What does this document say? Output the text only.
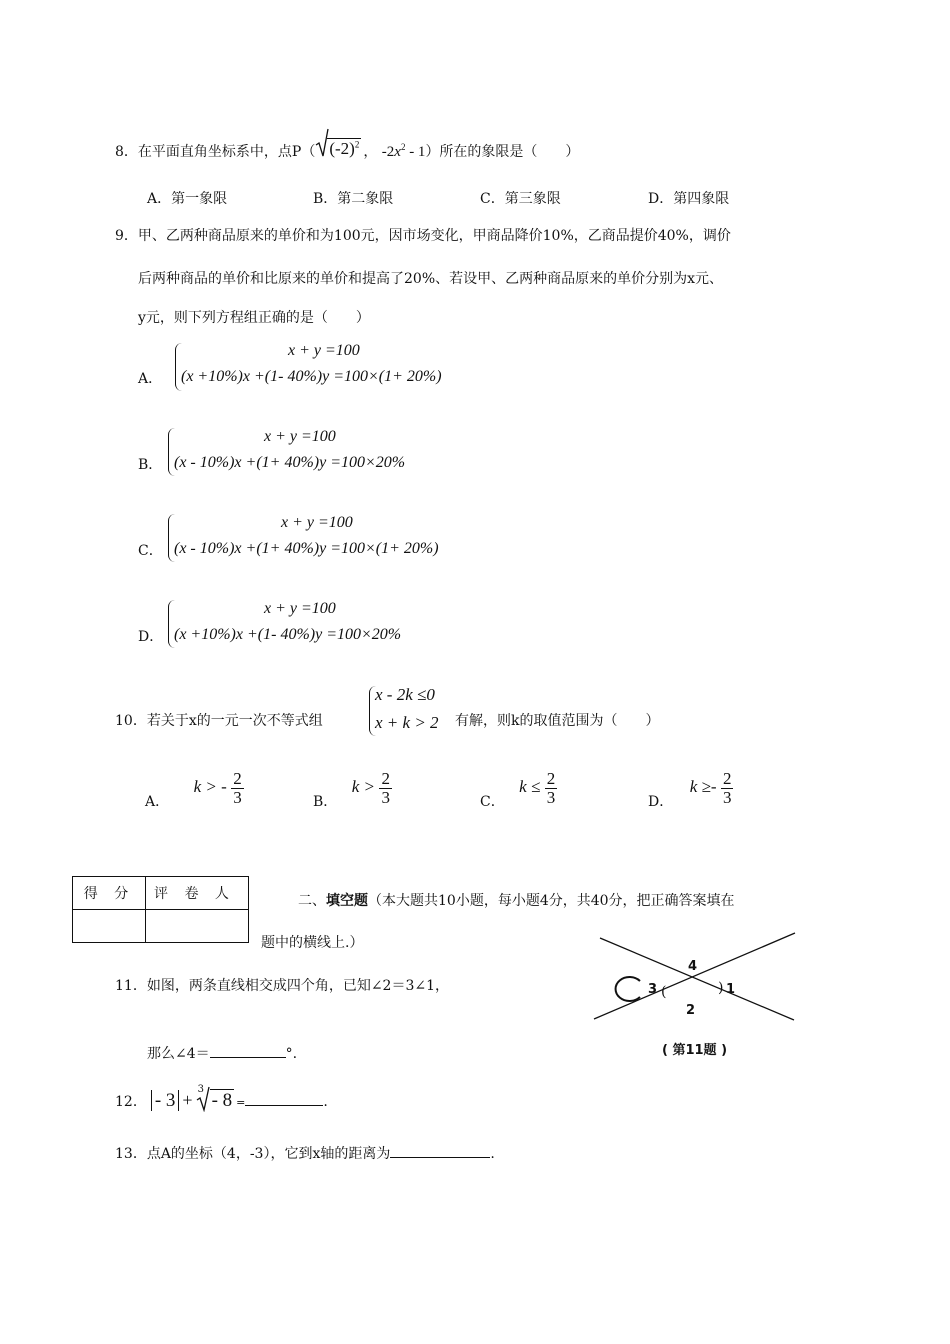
8．在平面直角坐标系中，点P（ $(-2)^2$ ， $-2x^2 - 1$）所在的象限是（　　）
A．第一象限	B．第二象限	C．第三象限	D．第四象限
9．甲、乙两种商品原来的单价和为100元，因市场变化，甲商品降价10%，乙商品提价40%，调价
后两种商品的单价和比原来的单价和提高了20%、若设甲、乙两种商品原来的单价分别为x元、
y元，则下列方程组正确的是（　　）
A．
x + y =100
(x +10%)x +(1- 40%)y =100×(1+ 20%)
B．
x + y =100
(x - 10%)x +(1+ 40%)y =100×20%
C．
x + y =100
(x - 10%)x +(1+ 40%)y =100×(1+ 20%)
D．
x + y =100
(x +10%)x +(1- 40%)y =100×20%
10．若关于x的一元一次不等式组
x - 2k ≤0
x + k > 2 有解，则k的取值范围为（　　）
A． k > - $\frac{2}{3}$	B． $k > \frac{2}{3}$	C． $k \le \frac{2}{3}$	D． $k \ge- \frac{2}{3}$
得 分	评 卷 人
		二、填空题（本大题共10小题，每小题4分，共40分，把正确答案填在
题中的横线上.）
11．如图，两条直线相交成四个角，已知∠2＝3∠1，
那么∠4＝	°.
4
3 (	) 1
2
( 第11题 )
12． - 3 +
3
- 8 =	.
13．点A的坐标（4，-3），它到x轴的距离为	.
